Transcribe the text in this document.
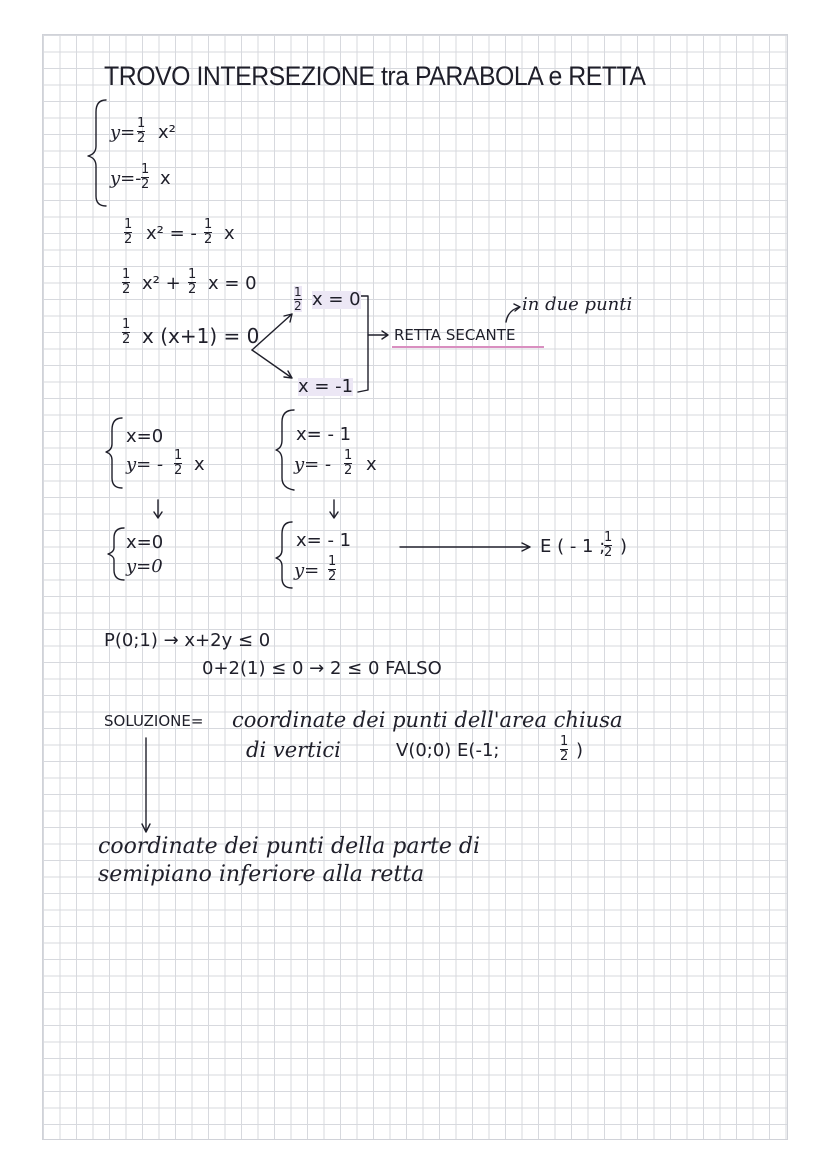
TROVO INTERSEZIONE tra PARABOLA e RETTA
y= 1
2 x²
y=- 1
2 x
1
2 x² = - 1
2 x
1
2 x² + 1
2 x = 0
1
2 x (x+1) = 0
1
2 x = 0
x = -1
RETTA SECANTE
in due punti
x=0
y= - 1
2 x
x=0
y=0
x= - 1
y= - 1
2 x
x= - 1
y= 1
2
E ( - 1 ;
1
2 )
P(0;1) → x+2y ≤ 0
0+2(1) ≤ 0 → 2 ≤ 0 FALSO
SOLUZIONE= coordinate dei punti dell'area chiusa
di vertici	V(0;0) E(-1;	1
2 )
coordinate dei punti della parte di
semipiano inferiore alla retta
